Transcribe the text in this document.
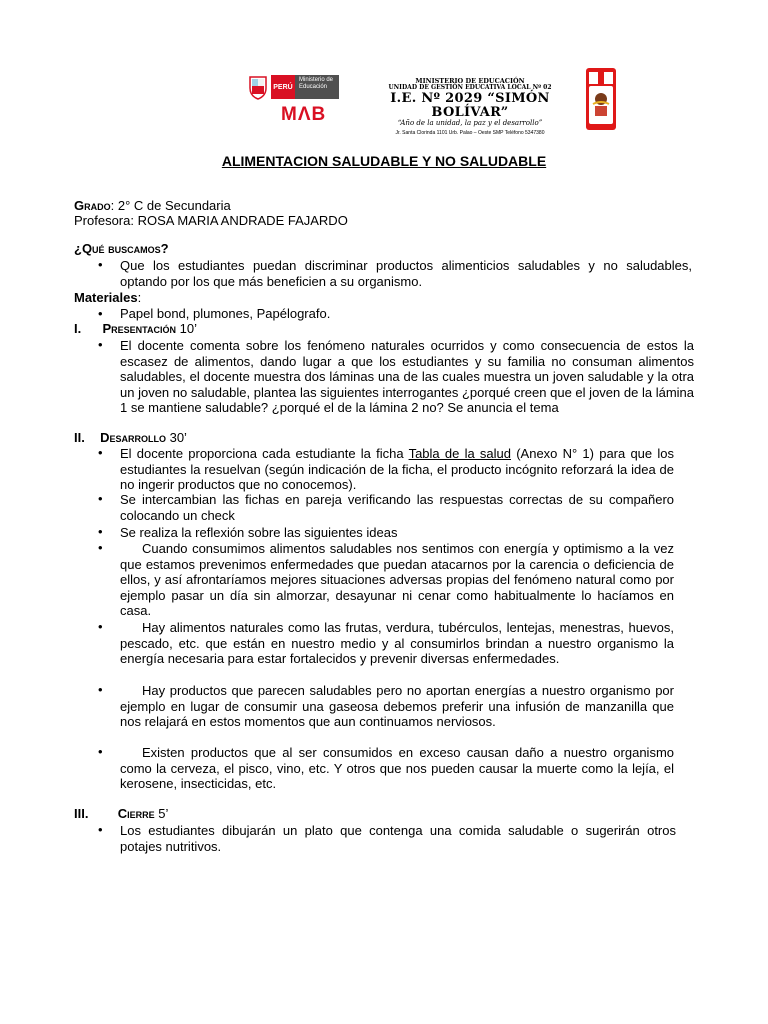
PERÚ
Ministerio de Educación
MΛB
MINISTERIO DE EDUCACIÓN
UNIDAD DE GESTIÓN EDUCATIVA LOCAL Nº 02
I.E. Nº 2029 “SIMÓN BOLÍVAR”
“Año de la unidad, la paz y el desarrollo”
Jr. Santa Clorinda 1101 Urb. Palao – Oeste SMP Teléfono 5347380
ALIMENTACION SALUDABLE Y NO SALUDABLE
Grado: 2° C de Secundaria
Profesora: ROSA MARIA ANDRADE FAJARDO
¿Qué buscamos?
• Que los estudiantes puedan discriminar productos alimenticios saludables y no saludables, optando por los que más beneficien a su organismo.
Materiales:
• Papel bond, plumones, Papélografo.
I. Presentación 10’
• El docente comenta sobre los fenómeno naturales ocurridos y como consecuencia de estos la escasez de alimentos, dando lugar a que los estudiantes y su familia no consuman alimentos saludables, el docente muestra dos láminas una de las cuales muestra un joven saludable y la otra un joven no saludable, plantea las siguientes interrogantes ¿porqué creen que el joven de la lámina 1 se mantiene saludable? ¿porqué el de la lámina 2 no? Se anuncia el tema
II. Desarrollo 30’
• El docente proporciona cada estudiante la ficha Tabla de la salud (Anexo N° 1) para que los estudiantes la resuelvan (según indicación de la ficha, el producto incógnito reforzará la idea de no ingerir productos que no conocemos).
• Se intercambian las fichas en pareja verificando las respuestas correctas de su compañero colocando un check
• Se realiza la reflexión sobre las siguientes ideas
•	Cuando consumimos alimentos saludables nos sentimos con energía y optimismo a la vez que estamos prevenimos enfermedades que puedan atacarnos por la carencia o deficiencia de ellos, y así afrontaríamos mejores situaciones adversas propias del fenómeno natural como por ejemplo pasar un día sin almorzar, desayunar ni cenar como habitualmente lo hacíamos en casa.
•	Hay alimentos naturales como las frutas, verdura, tubérculos, lentejas, menestras, huevos, pescado, etc. que están en nuestro medio y al consumirlos brindan a nuestro organismo la energía necesaria para estar fortalecidos y prevenir diversas enfermedades.
•	Hay productos que parecen saludables pero no aportan energías a nuestro organismo por ejemplo en lugar de consumir una gaseosa debemos preferir una infusión de manzanilla que nos relajará en estos momentos que aun continuamos nerviosos.
•	Existen productos que al ser consumidos en exceso causan daño a nuestro organismo como la cerveza, el pisco, vino, etc. Y otros que nos pueden causar la muerte como la lejía, el kerosene, insecticidas, etc.
III. Cierre 5’
• Los estudiantes dibujarán un plato que contenga una comida saludable o sugerirán otros potajes nutritivos.
